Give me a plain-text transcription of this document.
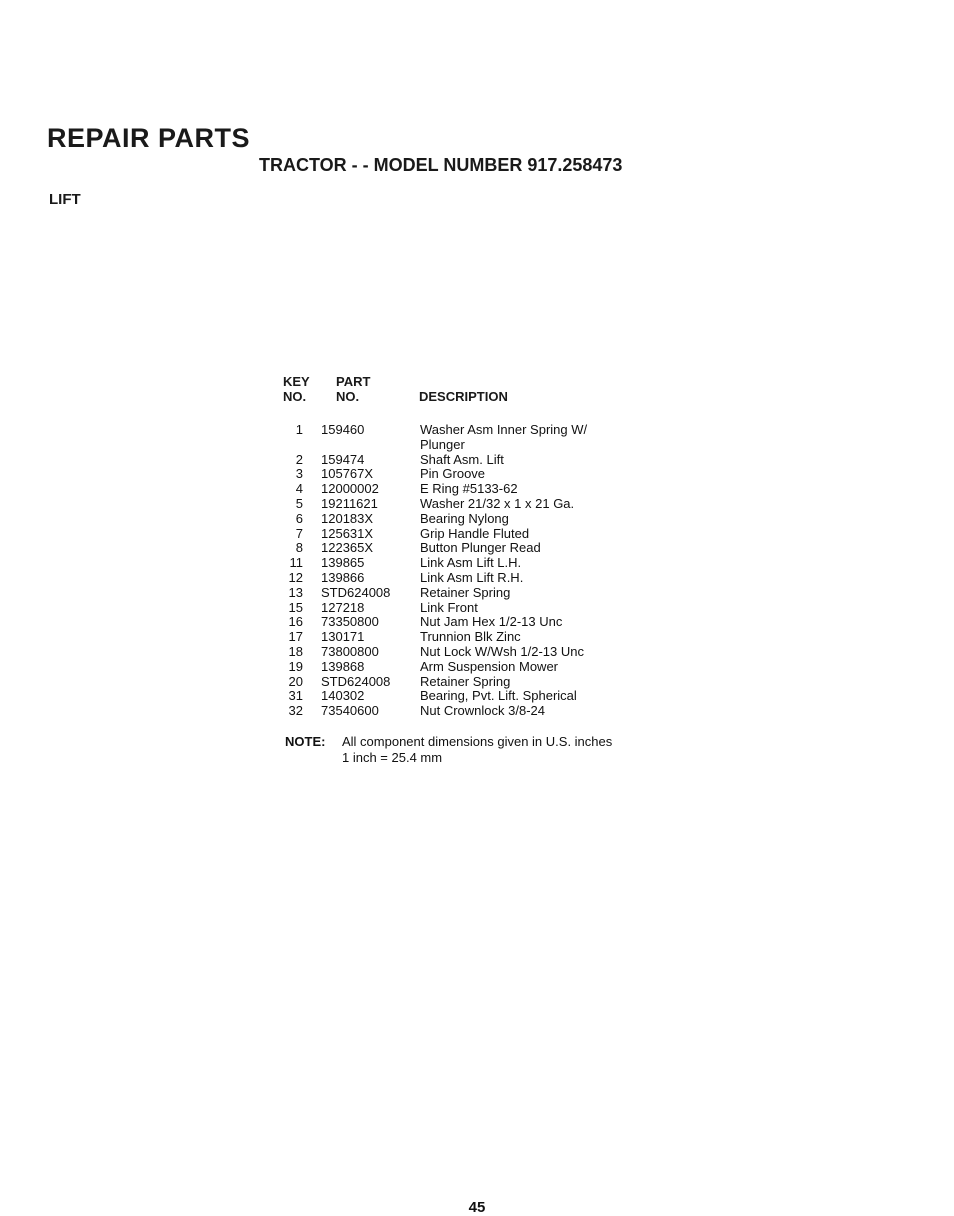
REPAIR PARTS
TRACTOR - - MODEL NUMBER 917.258473
LIFT
KEY
NO.
PART
NO.	DESCRIPTION
1 159460	Washer Asm Inner Spring W/ Plunger
2 159474	Shaft Asm. Lift
3 105767X	Pin Groove
4 12000002	E Ring #5133-62
5 19211621	Washer 21/32 x 1 x 21 Ga.
6 120183X	Bearing Nylong
7 125631X	Grip Handle Fluted
8 122365X	Button Plunger Read
11 139865	Link Asm Lift L.H.
12 139866	Link Asm Lift R.H.
13 STD624008 Retainer Spring
15 127218	Link Front
16 73350800	Nut Jam Hex 1/2-13 Unc
17 130171	Trunnion Blk Zinc
18 73800800	Nut Lock W/Wsh 1/2-13 Unc
19 139868	Arm Suspension Mower
20 STD624008 Retainer Spring
31 140302	Bearing, Pvt. Lift. Spherical
32 73540600	Nut Crownlock 3/8-24
NOTE: All component dimensions given in U.S. inches
1 inch = 25.4 mm
45
